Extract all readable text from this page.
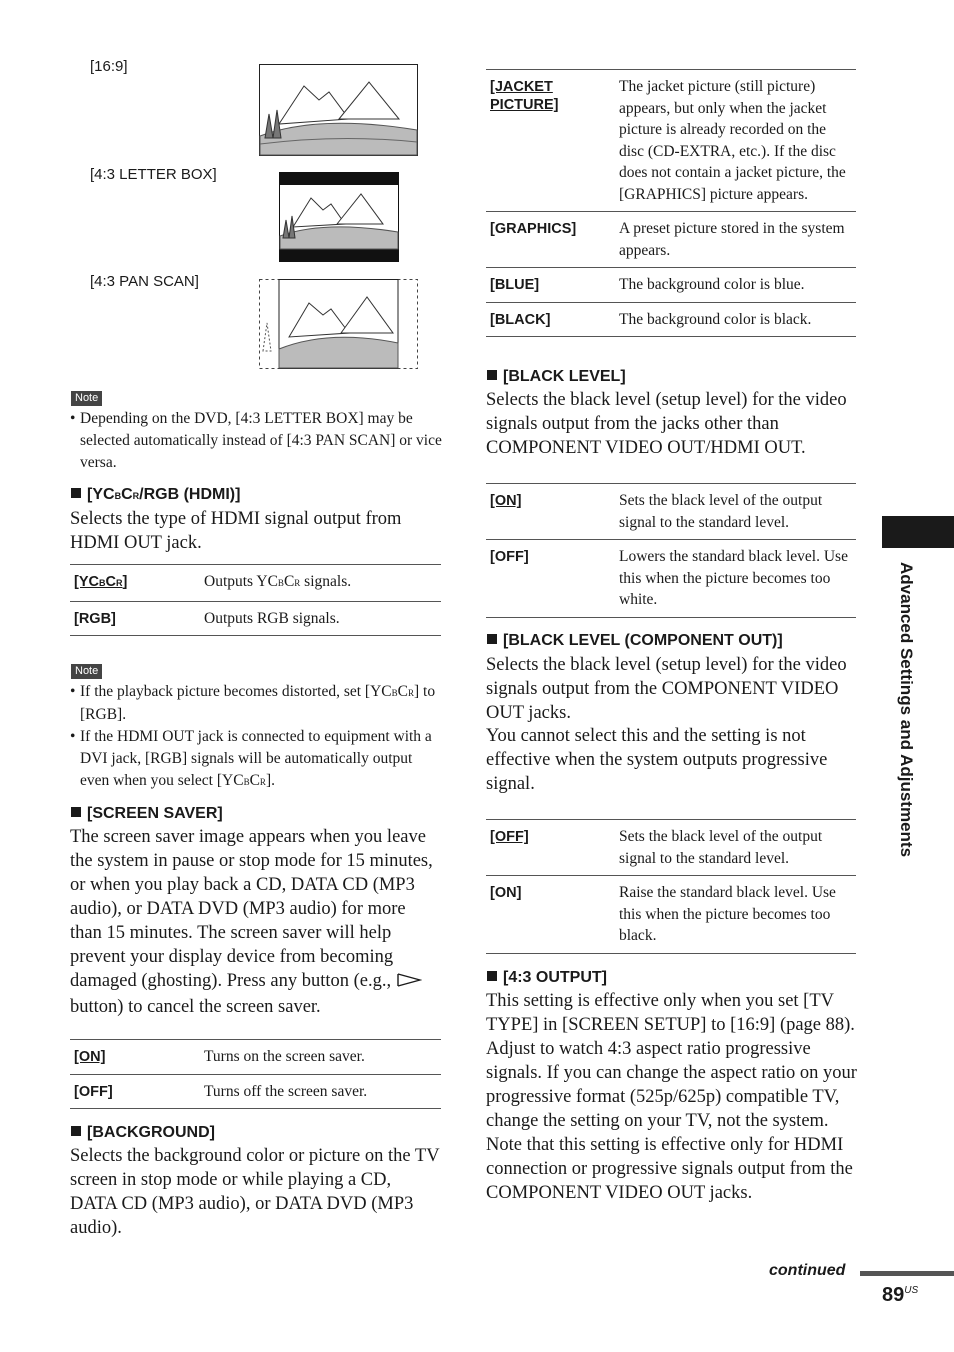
[16:9]
[4:3 LETTER BOX]
[4:3 PAN SCAN]
Note
• Depending on the DVD, [4:3 LETTER BOX] may be selected automatically instead of [4:3 PAN SCAN] or vice versa.
[YCBCR/RGB (HDMI)]

Selects the type of HDMI signal output from HDMI OUT jack.

[YCBCR]	Outputs YCBCR signals.
[RGB]	Outputs RGB signals.
Note
• If the playback picture becomes distorted, set [YCBCR] to [RGB].
• If the HDMI OUT jack is connected to equipment with a DVI jack, [RGB] signals will be automatically output even when you select [YCBCR].
[SCREEN SAVER]

The screen saver image appears when you leave the system in pause or stop mode for 15 minutes, or when you play back a CD, DATA CD (MP3 audio), or DATA DVD (MP3 audio) for more than 15 minutes. The screen saver will help prevent your display device from becoming damaged (ghosting). Press any button (e.g.,  button) to cancel the screen saver.

[ON]	Turns on the screen saver.
[OFF]	Turns off the screen saver.
[BACKGROUND]

Selects the background color or picture on the TV screen in stop mode or while playing a CD, DATA CD (MP3 audio), or DATA DVD (MP3 audio).

[JACKET
PICTURE]	The jacket picture (still picture) appears, but only when the jacket picture is already recorded on the disc (CD-EXTRA, etc.). If the disc does not contain a jacket picture, the [GRAPHICS] picture appears.
[GRAPHICS]	A preset picture stored in the system appears.
[BLUE]	The background color is blue.
[BLACK]	The background color is black.
[BLACK LEVEL]

Selects the black level (setup level) for the video signals output from the jacks other than COMPONENT VIDEO OUT/HDMI OUT.

[ON]	Sets the black level of the output signal to the standard level.
[OFF]	Lowers the standard black level. Use this when the picture becomes too white.
[BLACK LEVEL (COMPONENT OUT)]

Selects the black level (setup level) for the video signals output from the COMPONENT VIDEO OUT jacks.

You cannot select this and the setting is not effective when the system outputs progressive signal.

[OFF]	Sets the black level of the output signal to the standard level.
[ON]	Raise the standard black level. Use this when the picture becomes too black.
[4:3 OUTPUT]

This setting is effective only when you set [TV TYPE] in [SCREEN SETUP] to [16:9] (page 88). Adjust to watch 4:3 aspect ratio progressive signals. If you can change the aspect ratio on your progressive format (525p/625p) compatible TV, change the setting on your TV, not the system. Note that this setting is effective only for HDMI connection or progressive signals output from the COMPONENT VIDEO OUT jacks.

Advanced Settings and Adjustments
continued
$89^{US}$
